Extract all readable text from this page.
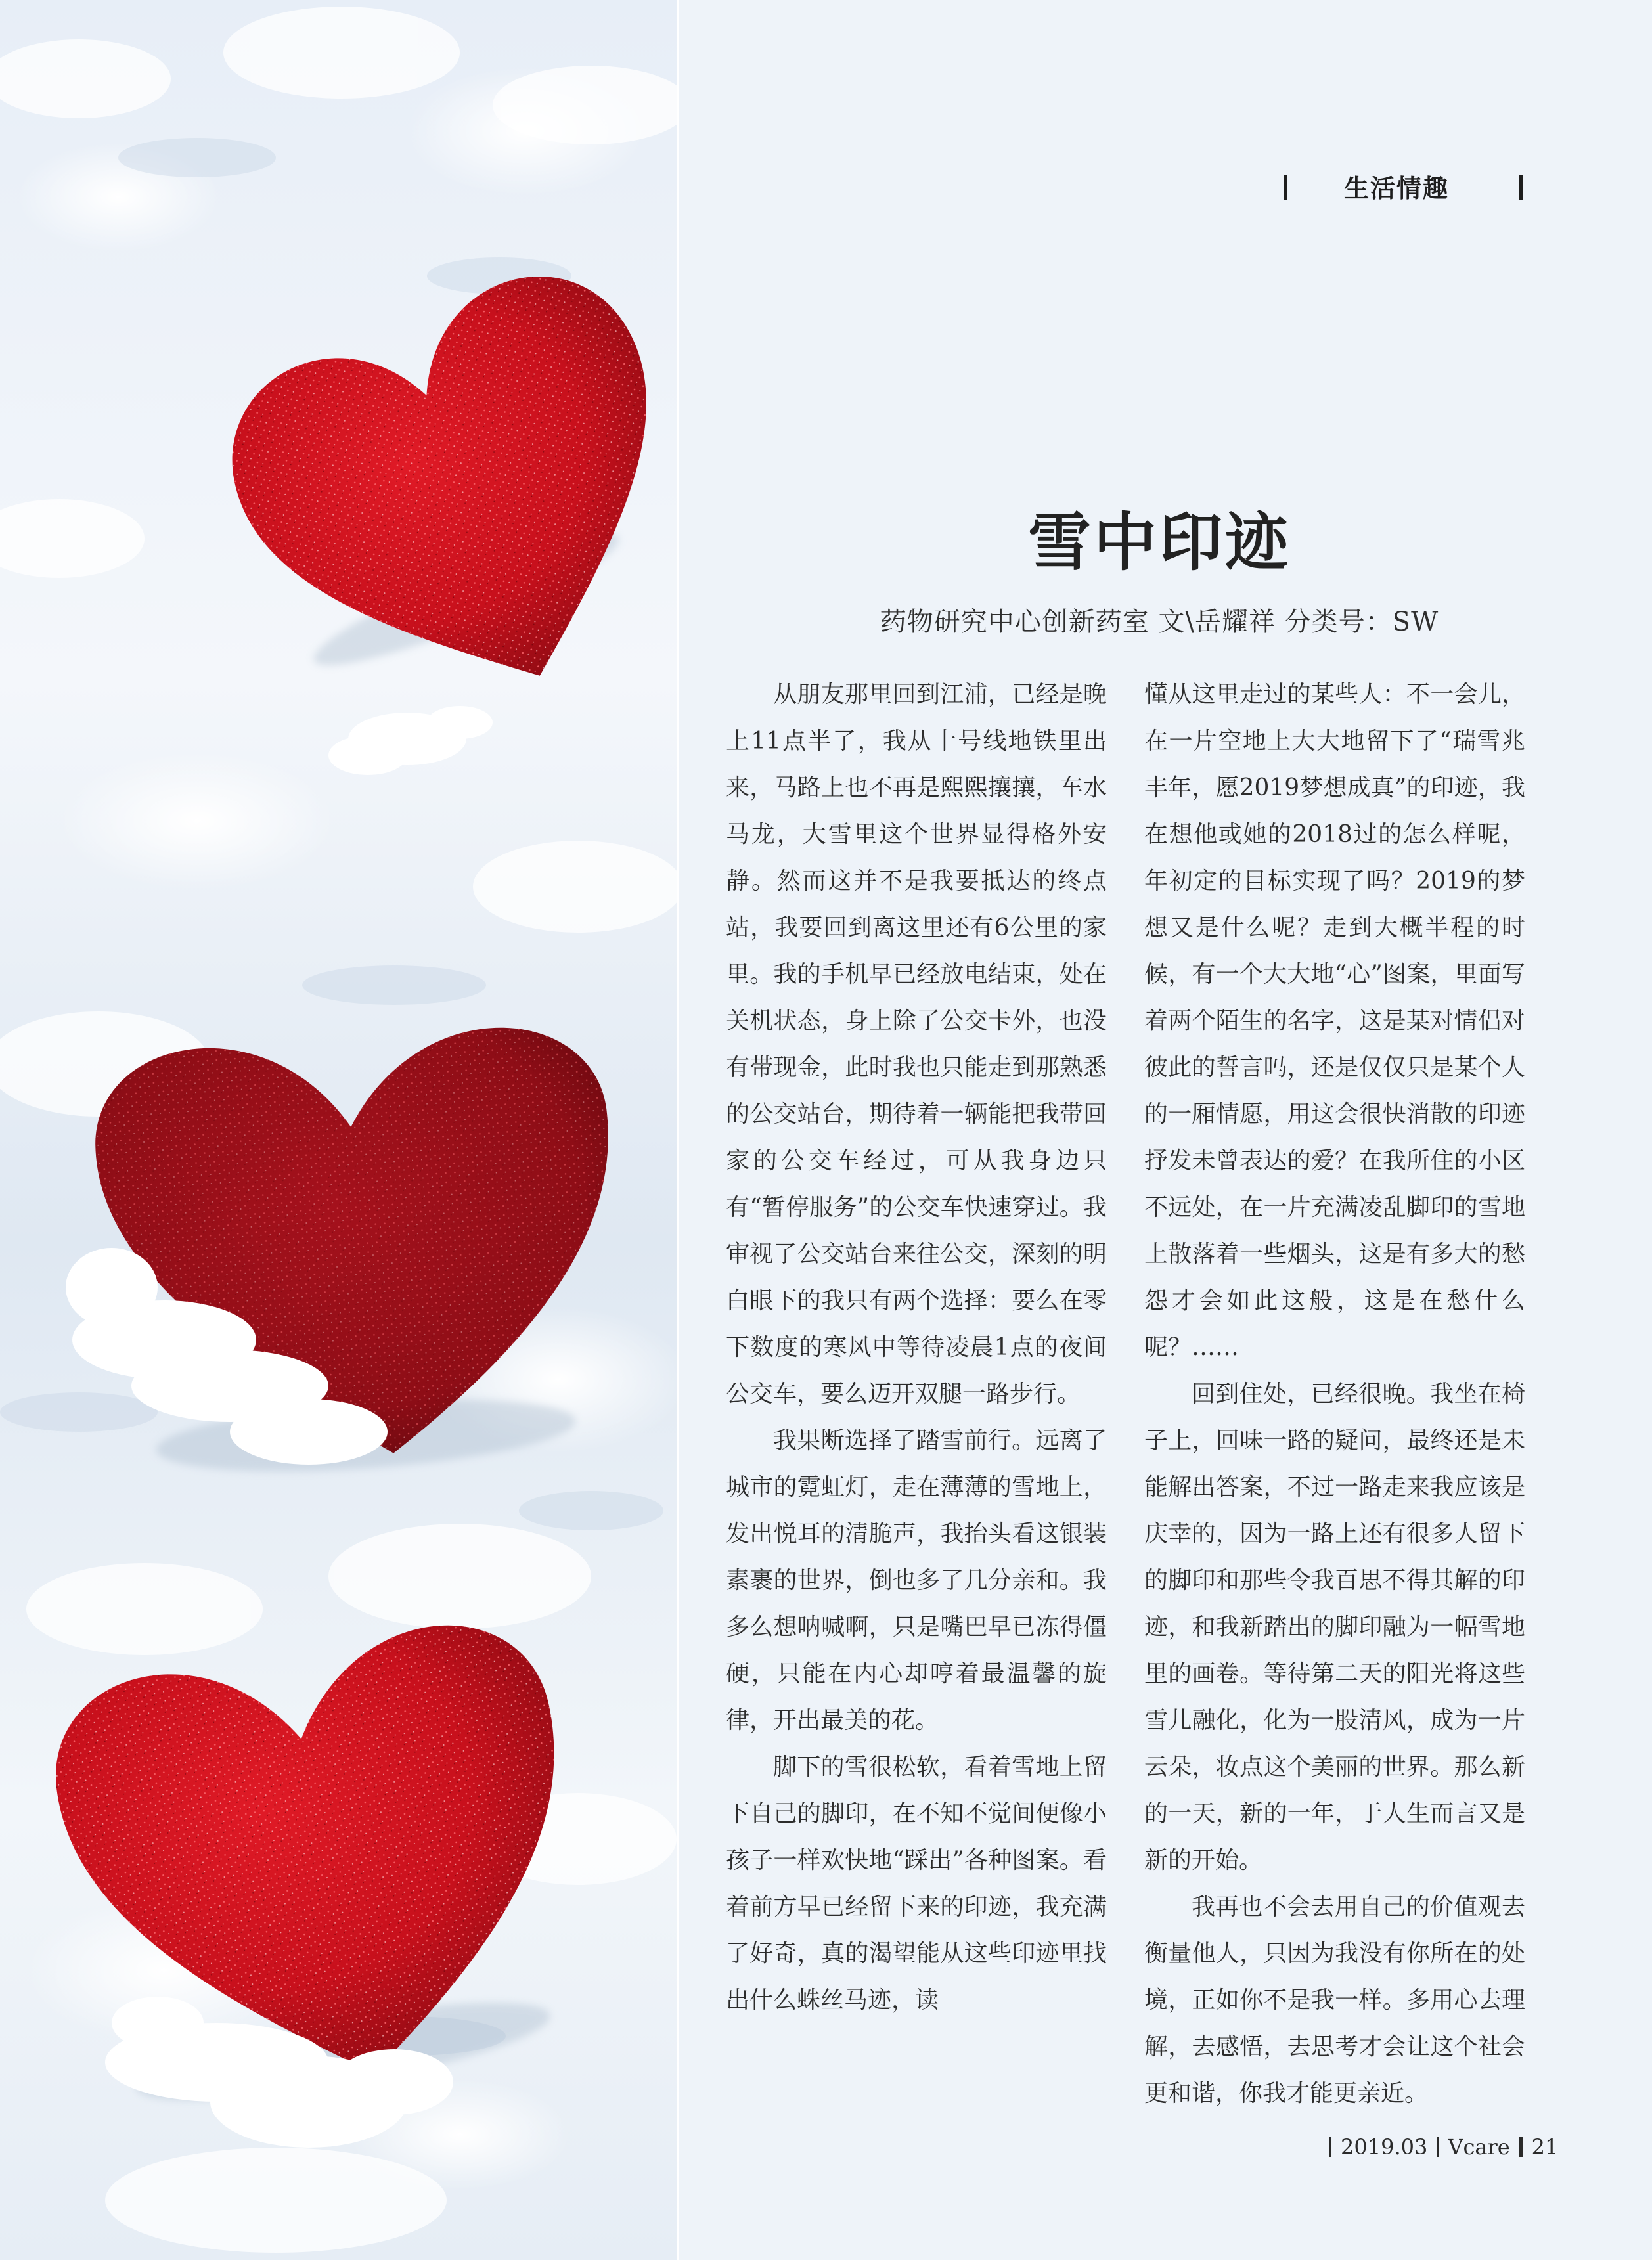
生活情趣
雪中印迹
药物研究中心创新药室 文\岳耀祥 分类号：SW

从朋友那里回到江浦，已经是晚上11点半了，我从十号线地铁里出来，马路上也不再是熙熙攘攘，车水马龙，大雪里这个世界显得格外安静。然而这并不是我要抵达的终点站，我要回到离这里还有6公里的家里。我的手机早已经放电结束，处在关机状态，身上除了公交卡外，也没有带现金，此时我也只能走到那熟悉的公交站台，期待着一辆能把我带回家的公交车经过，可从我身边只有“暂停服务”的公交车快速穿过。我审视了公交站台来往公交，深刻的明白眼下的我只有两个选择：要么在零下数度的寒风中等待凌晨1点的夜间公交车，要么迈开双腿一路步行。

我果断选择了踏雪前行。远离了城市的霓虹灯，走在薄薄的雪地上，发出悦耳的清脆声，我抬头看这银装素裹的世界，倒也多了几分亲和。我多么想呐喊啊，只是嘴巴早已冻得僵硬，只能在内心却哼着最温馨的旋律，开出最美的花。

脚下的雪很松软，看着雪地上留下自己的脚印，在不知不觉间便像小孩子一样欢快地“踩出”各种图案。看着前方早已经留下来的印迹，我充满了好奇，真的渴望能从这些印迹里找出什么蛛丝马迹，读

懂从这里走过的某些人：不一会儿，在一片空地上大大地留下了“瑞雪兆丰年，愿2019梦想成真”的印迹，我在想他或她的2018过的怎么样呢，年初定的目标实现了吗？2019的梦想又是什么呢？走到大概半程的时候，有一个大大地“心”图案，里面写着两个陌生的名字，这是某对情侣对彼此的誓言吗，还是仅仅只是某个人的一厢情愿，用这会很快消散的印迹抒发未曾表达的爱？在我所住的小区不远处，在一片充满凌乱脚印的雪地上散落着一些烟头，这是有多大的愁怨才会如此这般，这是在愁什么呢？……

回到住处，已经很晚。我坐在椅子上，回味一路的疑问，最终还是未能解出答案，不过一路走来我应该是庆幸的，因为一路上还有很多人留下的脚印和那些令我百思不得其解的印迹，和我新踏出的脚印融为一幅雪地里的画卷。等待第二天的阳光将这些雪儿融化，化为一股清风，成为一片云朵，妆点这个美丽的世界。那么新的一天，新的一年，于人生而言又是新的开始。

我再也不会去用自己的价值观去衡量他人，只因为我没有你所在的处境，正如你不是我一样。多用心去理解，去感悟，去思考才会让这个社会更和谐，你我才能更亲近。

2019.03 Vcare 21
